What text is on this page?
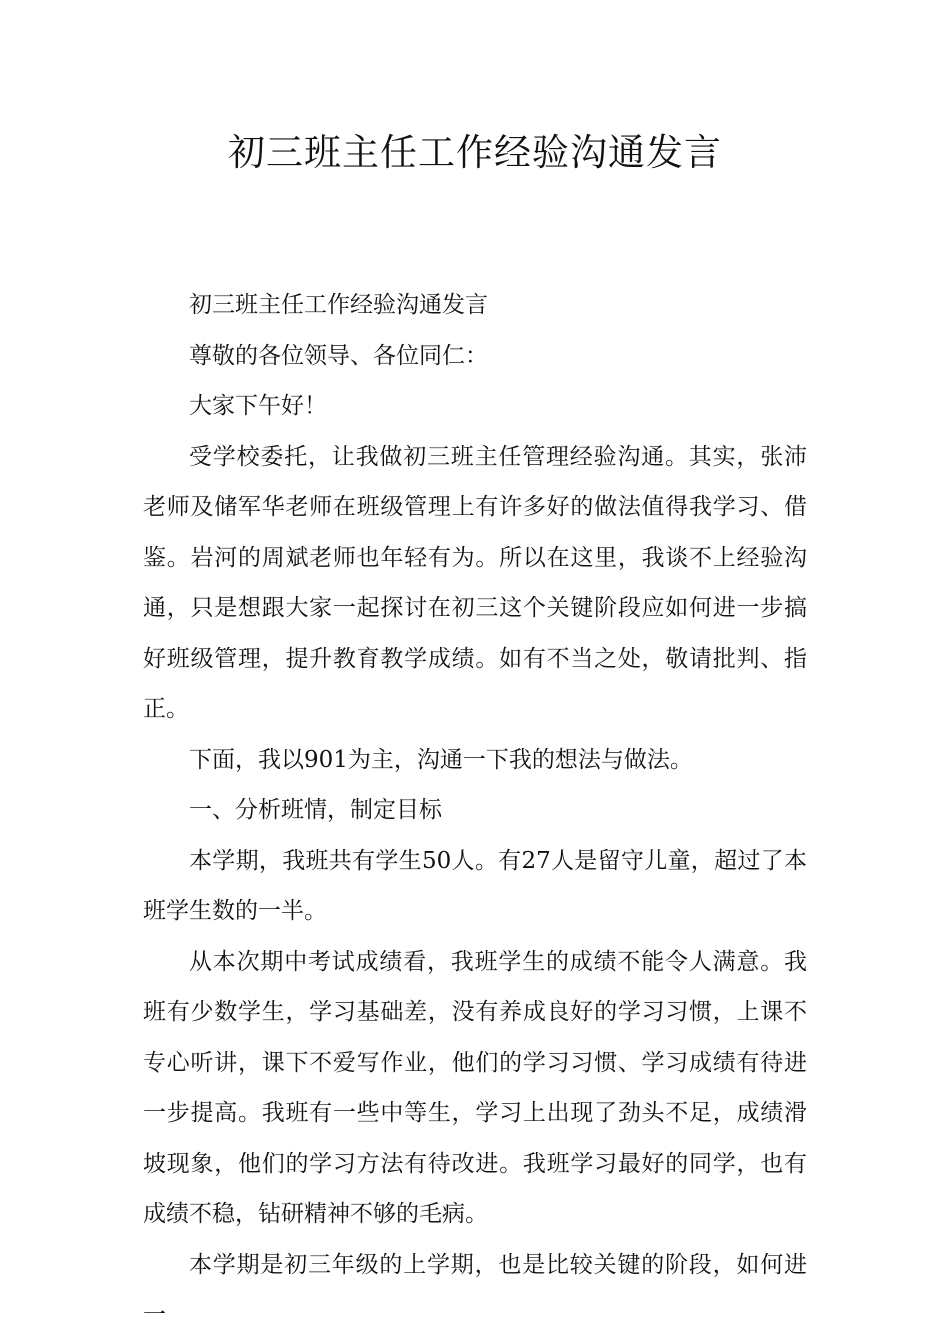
初三班主任工作经验沟通发言

初三班主任工作经验沟通发言

尊敬的各位领导、各位同仁：

大家下午好！

受学校委托，让我做初三班主任管理经验沟通。其实，张沛老师及储军华老师在班级管理上有许多好的做法值得我学习、借鉴。岩河的周斌老师也年轻有为。所以在这里，我谈不上经验沟通，只是想跟大家一起探讨在初三这个关键阶段应如何进一步搞好班级管理，提升教育教学成绩。如有不当之处，敬请批判、指正。

下面，我以901为主，沟通一下我的想法与做法。

一、分析班情，制定目标

本学期，我班共有学生50人。有27人是留守儿童，超过了本班学生数的一半。

从本次期中考试成绩看，我班学生的成绩不能令人满意。我班有少数学生，学习基础差，没有养成良好的学习习惯，上课不专心听讲，课下不爱写作业，他们的学习习惯、学习成绩有待进一步提高。我班有一些中等生，学习上出现了劲头不足，成绩滑坡现象，他们的学习方法有待改进。我班学习最好的同学，也有成绩不稳，钻研精神不够的毛病。

本学期是初三年级的上学期，也是比较关键的阶段，如何进一
